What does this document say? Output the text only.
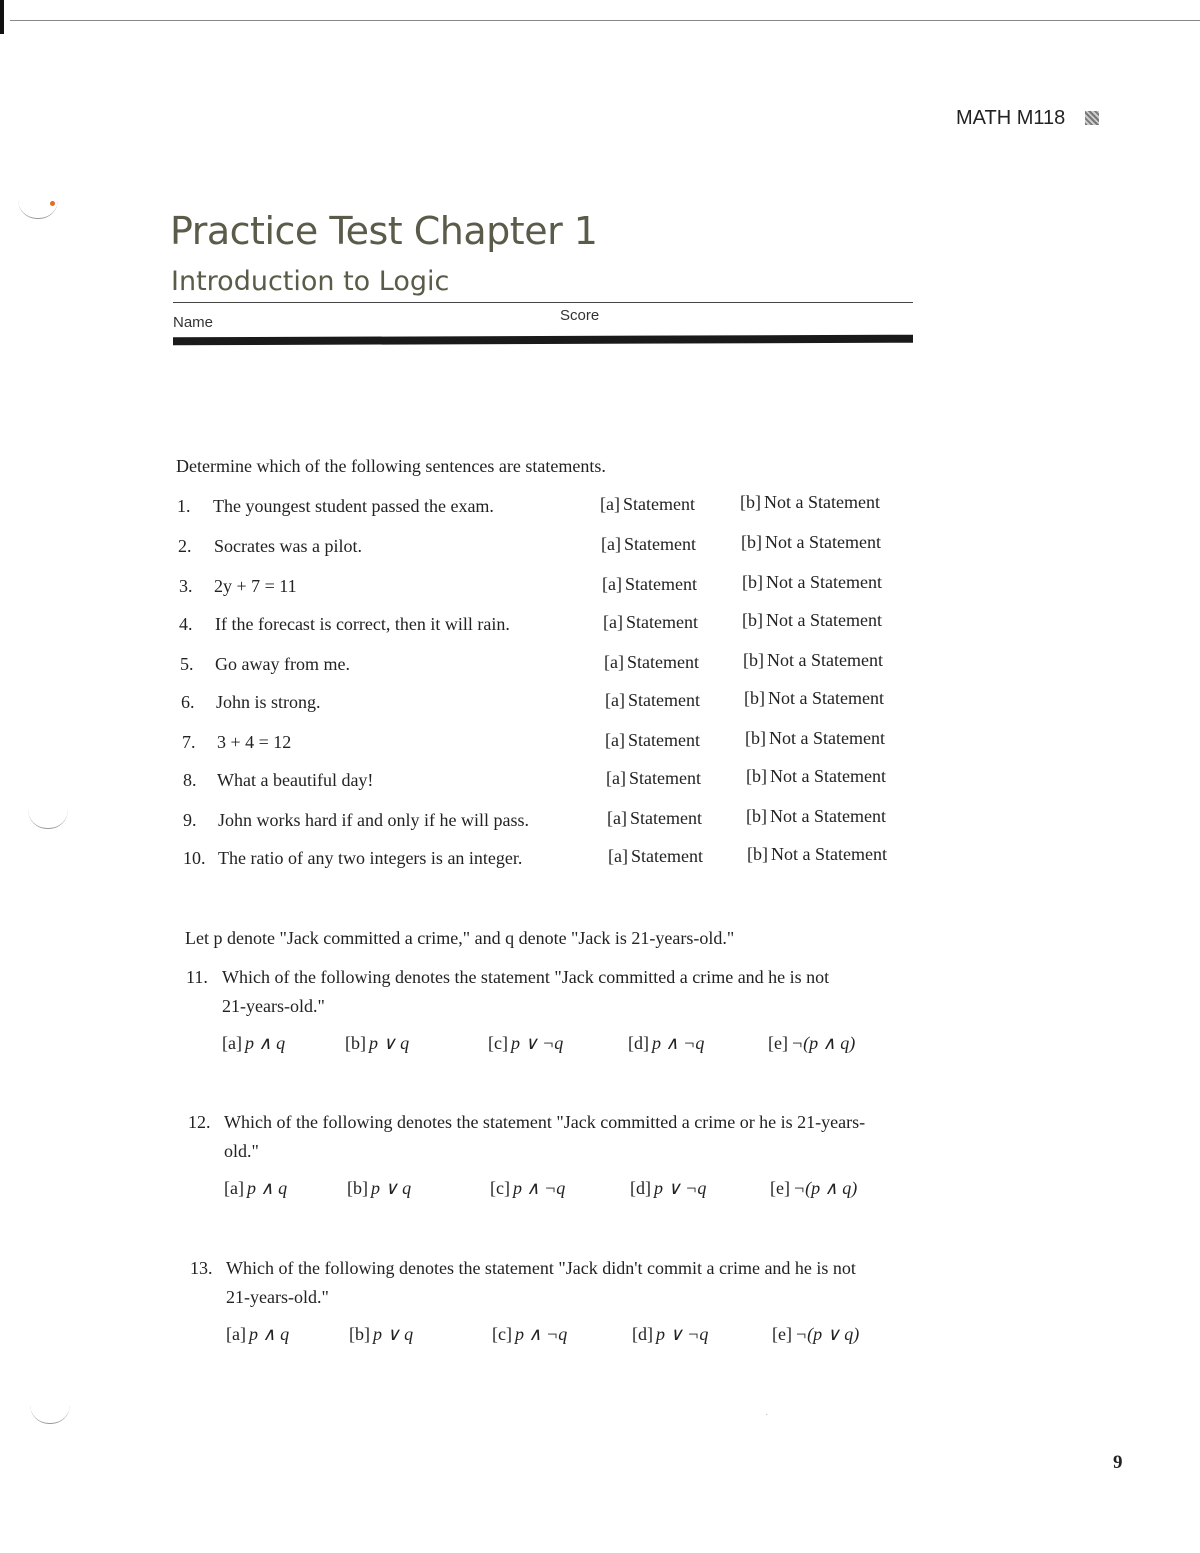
MATH M118
Practice Test Chapter 1
Introduction to Logic
Name	Score
Determine which of the following sentences are statements.
1.	The youngest student passed the exam.	[a] Statement	[b] Not a Statement
2.	Socrates was a pilot.	[a] Statement	[b] Not a Statement
3.	2y + 7 = 11	[a] Statement	[b] Not a Statement
4.	If the forecast is correct, then it will rain.	[a] Statement [b] Not a Statement
5.	Go away from me.	[a] Statement [b] Not a Statement
6.	John is strong.	[a] Statement [b] Not a Statement
7.	3 + 4 = 12	[a] Statement	[b] Not a Statement
8.	What a beautiful day!	[a] Statement	[b] Not a Statement
9.	John works hard if and only if he will pass.	[a] Statement [b] Not a Statement
10. The ratio of any two integers is an integer.	[a] Statement [b] Not a Statement
Let p denote "Jack committed a crime," and q denote "Jack is 21-years-old."
11. Which of the following denotes the statement "Jack committed a crime and he is not
21-years-old."
[a] p ∧ q	[b] p ∨ q	[c] p ∨ ¬q	[d] p ∧ ¬q	[e] ¬(p ∧ q)
12. Which of the following denotes the statement "Jack committed a crime or he is 21-years-
old."
[a] p ∧ q	[b] p ∨ q	[c] p ∧ ¬q	[d] p ∨ ¬q	[e] ¬(p ∧ q)
13. Which of the following denotes the statement "Jack didn't commit a crime and he is not
21-years-old."
[a] p ∧ q	[b] p ∨ q	[c] p ∧ ¬q	[d] p ∨ ¬q	[e] ¬(p ∨ q)
·
9
